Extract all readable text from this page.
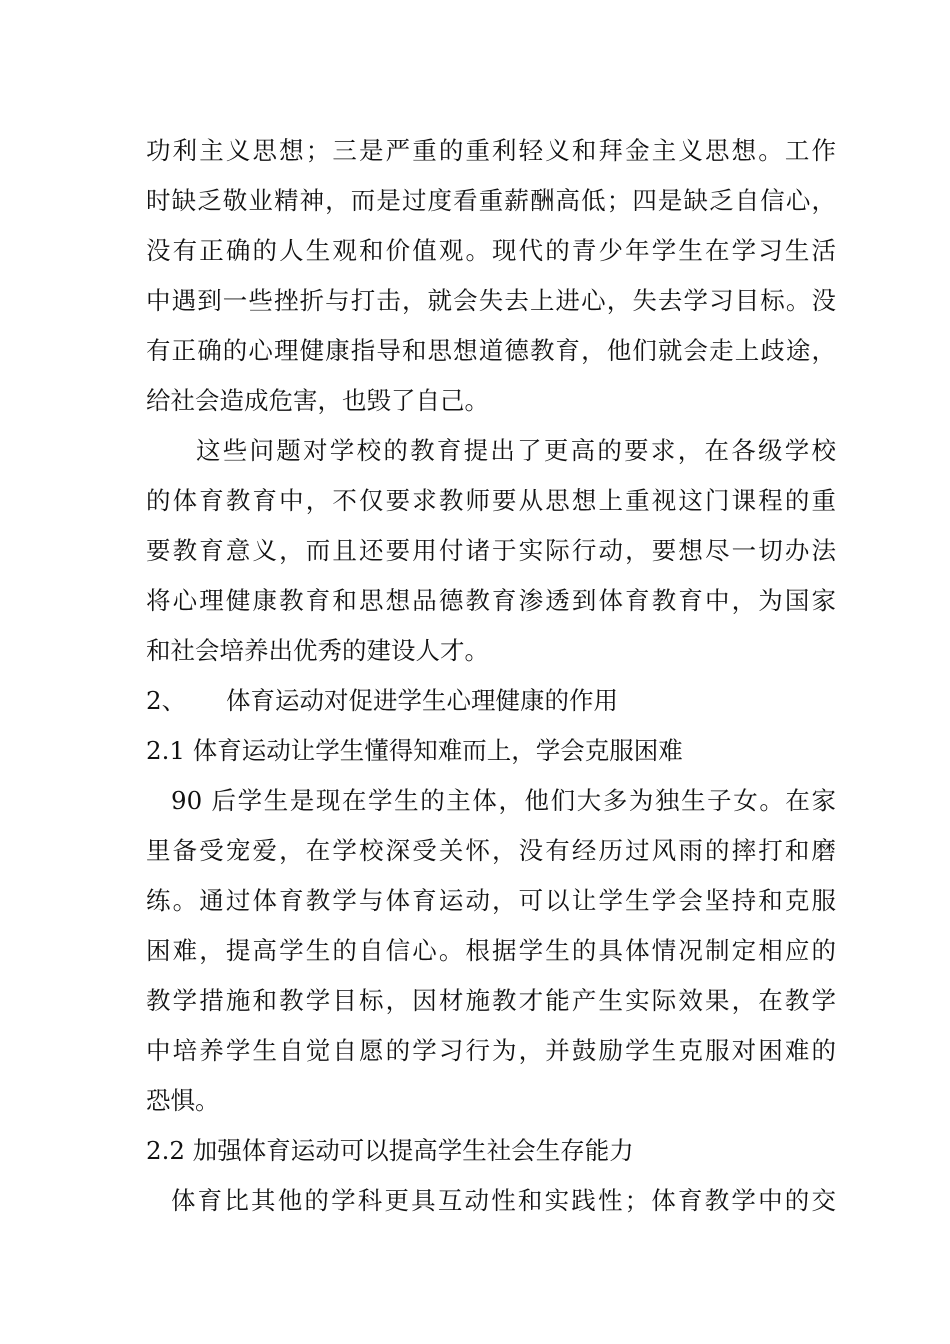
功利主义思想；三是严重的重利轻义和拜金主义思想。工作
时缺乏敬业精神，而是过度看重薪酬高低；四是缺乏自信心，
没有正确的人生观和价值观。现代的青少年学生在学习生活
中遇到一些挫折与打击，就会失去上进心，失去学习目标。没
有正确的心理健康指导和思想道德教育，他们就会走上歧途，
给社会造成危害，也毁了自己。
这些问题对学校的教育提出了更高的要求，在各级学校
的体育教育中，不仅要求教师要从思想上重视这门课程的重
要教育意义，而且还要用付诸于实际行动，要想尽一切办法
将心理健康教育和思想品德教育渗透到体育教育中，为国家
和社会培养出优秀的建设人才。
2、 体育运动对促进学生心理健康的作用
2.1 体育运动让学生懂得知难而上，学会克服困难
90 后学生是现在学生的主体，他们大多为独生子女。在家
里备受宠爱，在学校深受关怀，没有经历过风雨的摔打和磨
练。通过体育教学与体育运动，可以让学生学会坚持和克服
困难，提高学生的自信心。根据学生的具体情况制定相应的
教学措施和教学目标，因材施教才能产生实际效果，在教学
中培养学生自觉自愿的学习行为，并鼓励学生克服对困难的
恐惧。
2.2 加强体育运动可以提高学生社会生存能力
体育比其他的学科更具互动性和实践性；体育教学中的交
